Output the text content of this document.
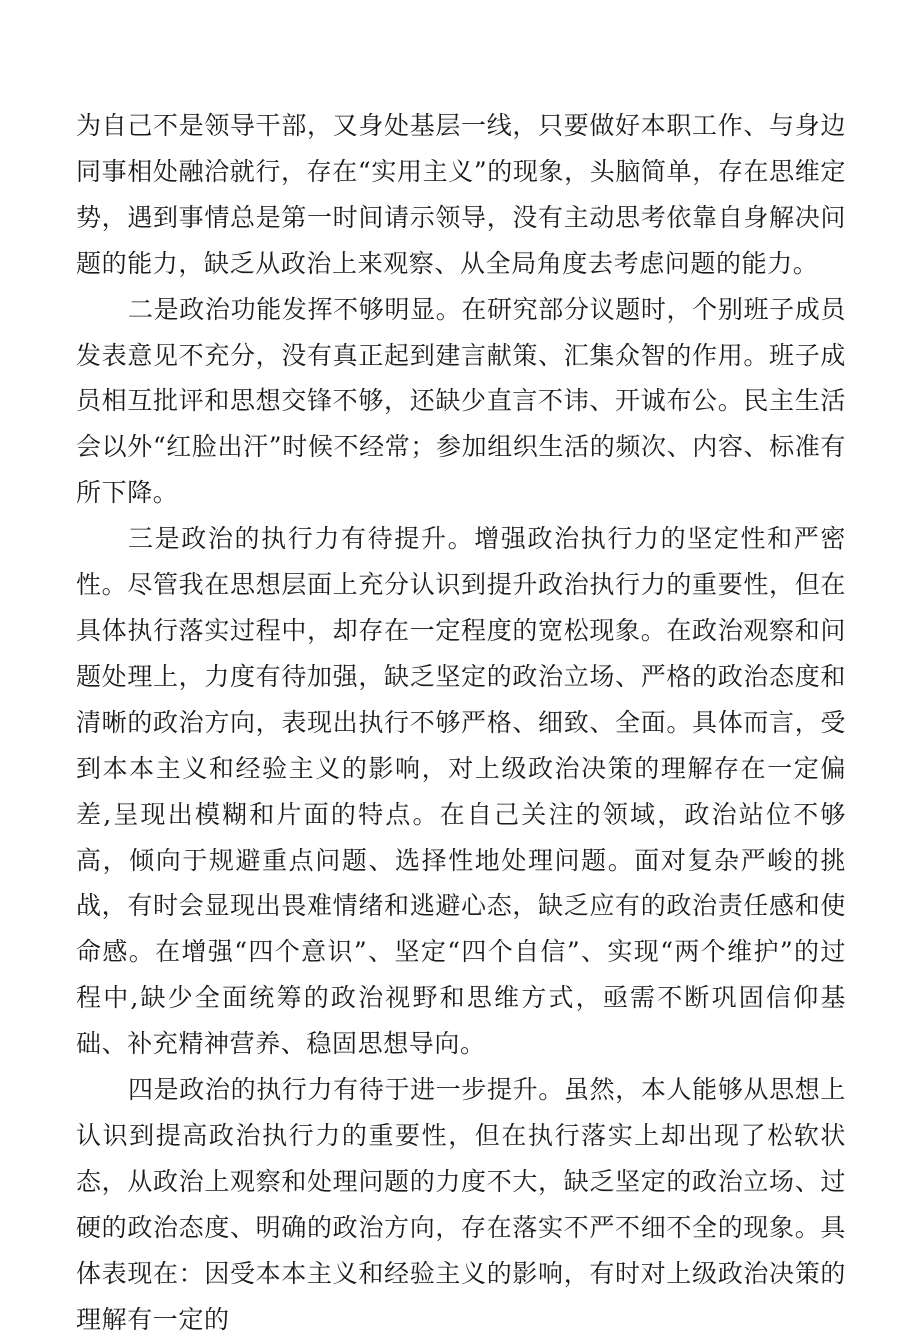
为自己不是领导干部，又身处基层一线，只要做好本职工作、与身边同事相处融洽就行，存在“实用主义”的现象，头脑简单，存在思维定势，遇到事情总是第一时间请示领导，没有主动思考依靠自身解决问题的能力，缺乏从政治上来观察、从全局角度去考虑问题的能力。

二是政治功能发挥不够明显。在研究部分议题时，个别班子成员发表意见不充分，没有真正起到建言献策、汇集众智的作用。班子成员相互批评和思想交锋不够，还缺少直言不讳、开诚布公。民主生活会以外“红脸出汗”时候不经常；参加组织生活的频次、内容、标准有所下降。

三是政治的执行力有待提升。增强政治执行力的坚定性和严密性。尽管我在思想层面上充分认识到提升政治执行力的重要性，但在具体执行落实过程中，却存在一定程度的宽松现象。在政治观察和问题处理上，力度有待加强，缺乏坚定的政治立场、严格的政治态度和清晰的政治方向，表现出执行不够严格、细致、全面。具体而言，受到本本主义和经验主义的影响，对上级政治决策的理解存在一定偏差,呈现出模糊和片面的特点。在自己关注的领域，政治站位不够高，倾向于规避重点问题、选择性地处理问题。面对复杂严峻的挑战，有时会显现出畏难情绪和逃避心态，缺乏应有的政治责任感和使命感。在增强“四个意识”、坚定“四个自信”、实现“两个维护”的过程中,缺少全面统筹的政治视野和思维方式，亟需不断巩固信仰基础、补充精神营养、稳固思想导向。

四是政治的执行力有待于进一步提升。虽然，本人能够从思想上认识到提高政治执行力的重要性，但在执行落实上却出现了松软状态，从政治上观察和处理问题的力度不大，缺乏坚定的政治立场、过硬的政治态度、明确的政治方向，存在落实不严不细不全的现象。具体表现在：因受本本主义和经验主义的影响，有时对上级政治决策的理解有一定的
